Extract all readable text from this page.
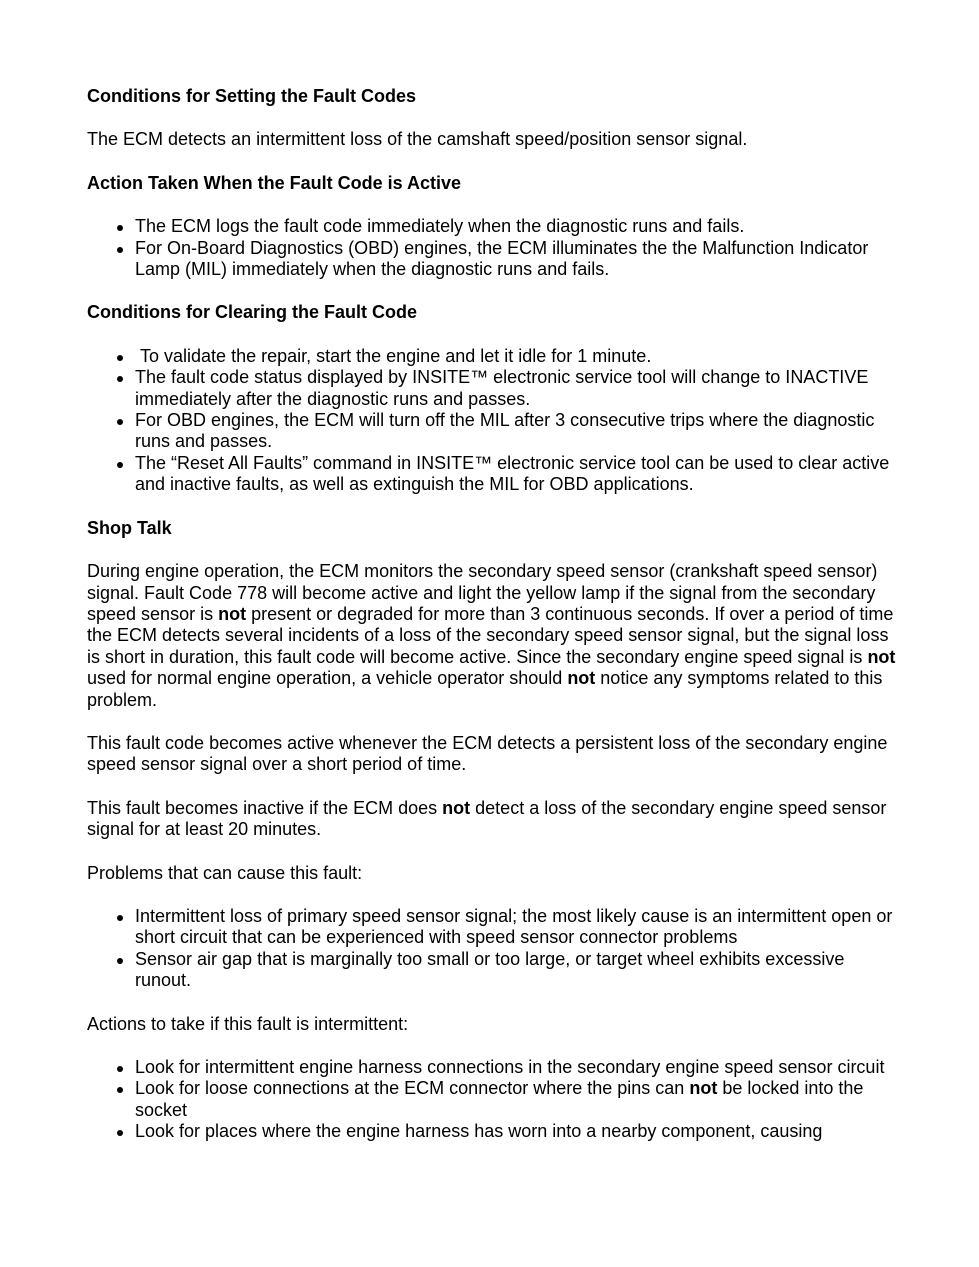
Conditions for Setting the Fault Codes

The ECM detects an intermittent loss of the camshaft speed/position sensor signal.

Action Taken When the Fault Code is Active
The ECM logs the fault code immediately when the diagnostic runs and fails.
For On-Board Diagnostics (OBD) engines, the ECM illuminates the the Malfunction Indicator Lamp (MIL) immediately when the diagnostic runs and fails.
Conditions for Clearing the Fault Code
To validate the repair, start the engine and let it idle for 1 minute.
The fault code status displayed by INSITE™ electronic service tool will change to INACTIVE immediately after the diagnostic runs and passes.
For OBD engines, the ECM will turn off the MIL after 3 consecutive trips where the diagnostic runs and passes.
The “Reset All Faults” command in INSITE™ electronic service tool can be used to clear active and inactive faults, as well as extinguish the MIL for OBD applications.
Shop Talk

During engine operation, the ECM monitors the secondary speed sensor (crankshaft speed sensor) signal. Fault Code 778 will become active and light the yellow lamp if the signal from the secondary speed sensor is not present or degraded for more than 3 continuous seconds. If over a period of time the ECM detects several incidents of a loss of the secondary speed sensor signal, but the signal loss is short in duration, this fault code will become active. Since the secondary engine speed signal is not used for normal engine operation, a vehicle operator should not notice any symptoms related to this problem.

This fault code becomes active whenever the ECM detects a persistent loss of the secondary engine speed sensor signal over a short period of time.

This fault becomes inactive if the ECM does not detect a loss of the secondary engine speed sensor signal for at least 20 minutes.

Problems that can cause this fault:

Intermittent loss of primary speed sensor signal; the most likely cause is an intermittent open or short circuit that can be experienced with speed sensor connector problems
Sensor air gap that is marginally too small or too large, or target wheel exhibits excessive runout.

Actions to take if this fault is intermittent:

Look for intermittent engine harness connections in the secondary engine speed sensor circuit
Look for loose connections at the ECM connector where the pins can not be locked into the socket
Look for places where the engine harness has worn into a nearby component, causing
